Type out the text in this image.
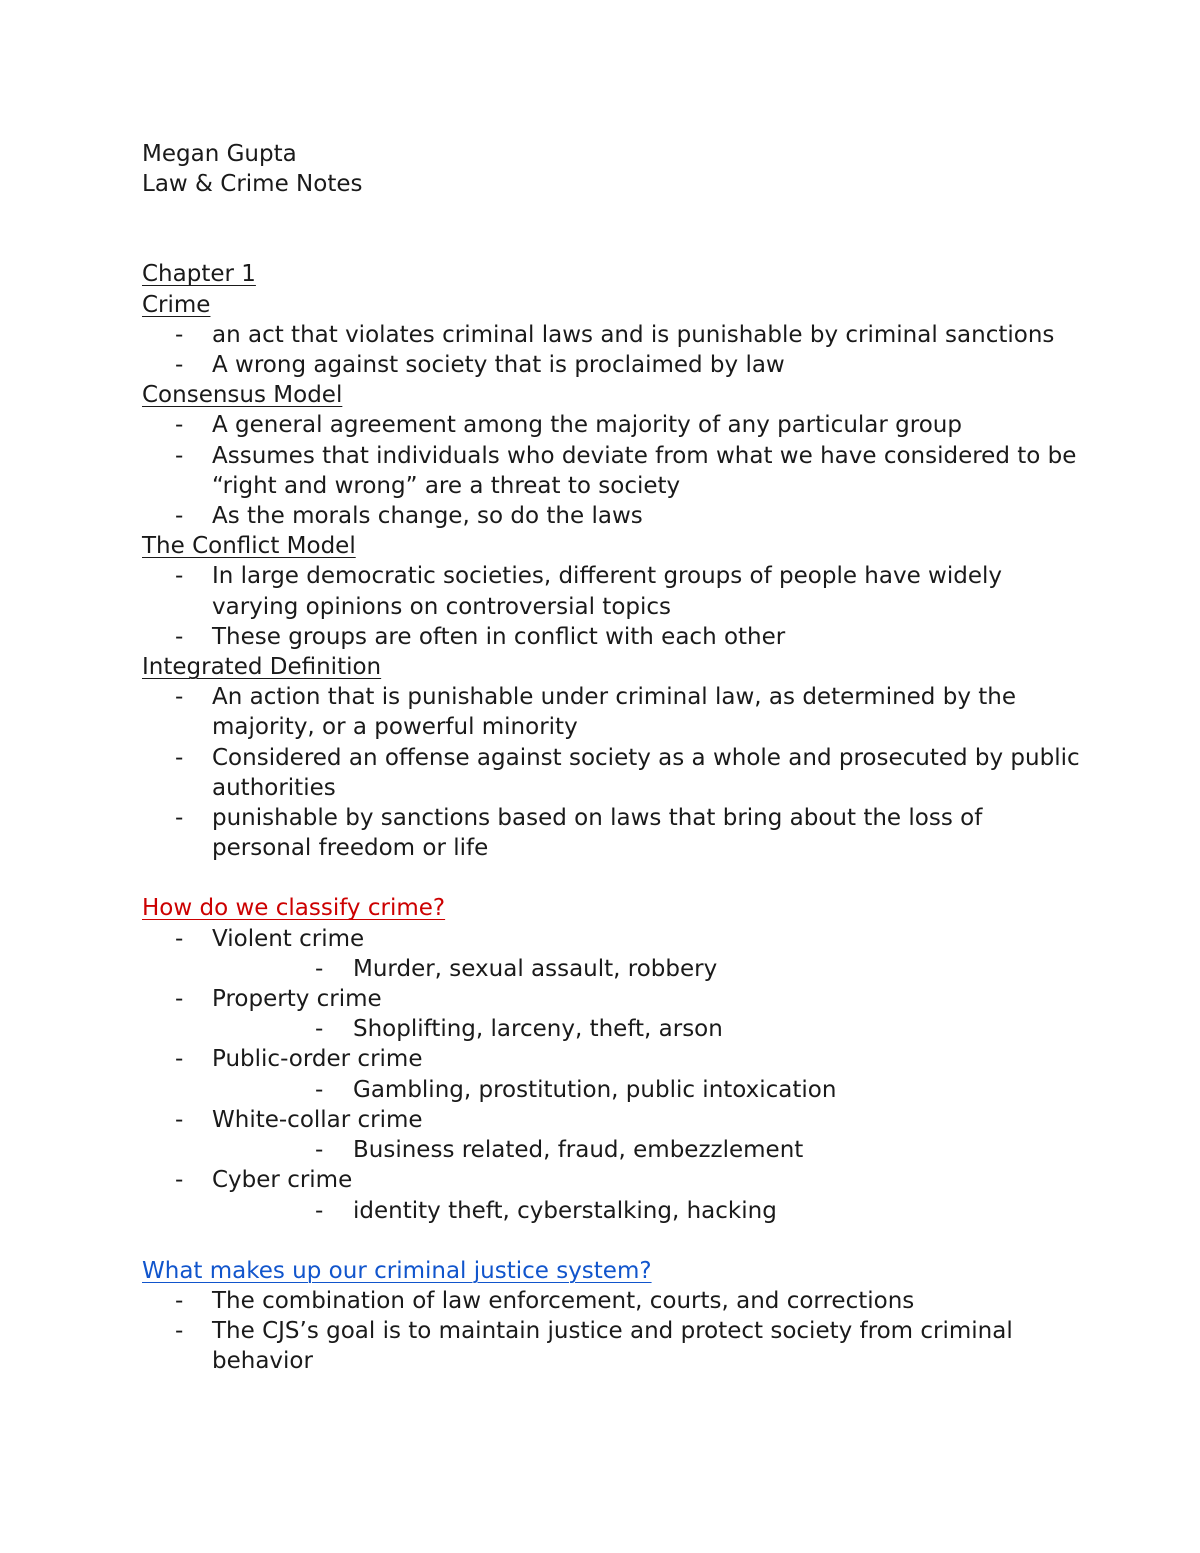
Megan Gupta
Law & Crime Notes
Chapter 1
Crime
- an act that violates criminal laws and is punishable by criminal sanctions
- A wrong against society that is proclaimed by law
Consensus Model
- A general agreement among the majority of any particular group
- Assumes that individuals who deviate from what we have considered to be “right and wrong” are a threat to society
- As the morals change, so do the laws
The Conflict Model
- In large democratic societies, different groups of people have widely varying opinions on controversial topics
- These groups are often in conflict with each other
Integrated Definition
- An action that is punishable under criminal law, as determined by the majority, or a powerful minority
- Considered an offense against society as a whole and prosecuted by public authorities
- punishable by sanctions based on laws that bring about the loss of personal freedom or life
How do we classify crime?
- Violent crime
- Murder, sexual assault, robbery
- Property crime
- Shoplifting, larceny, theft, arson
- Public-order crime
- Gambling, prostitution, public intoxication
- White-collar crime
- Business related, fraud, embezzlement
- Cyber crime
- identity theft, cyberstalking, hacking
What makes up our criminal justice system?
- The combination of law enforcement, courts, and corrections
- The CJS’s goal is to maintain justice and protect society from criminal behavior
